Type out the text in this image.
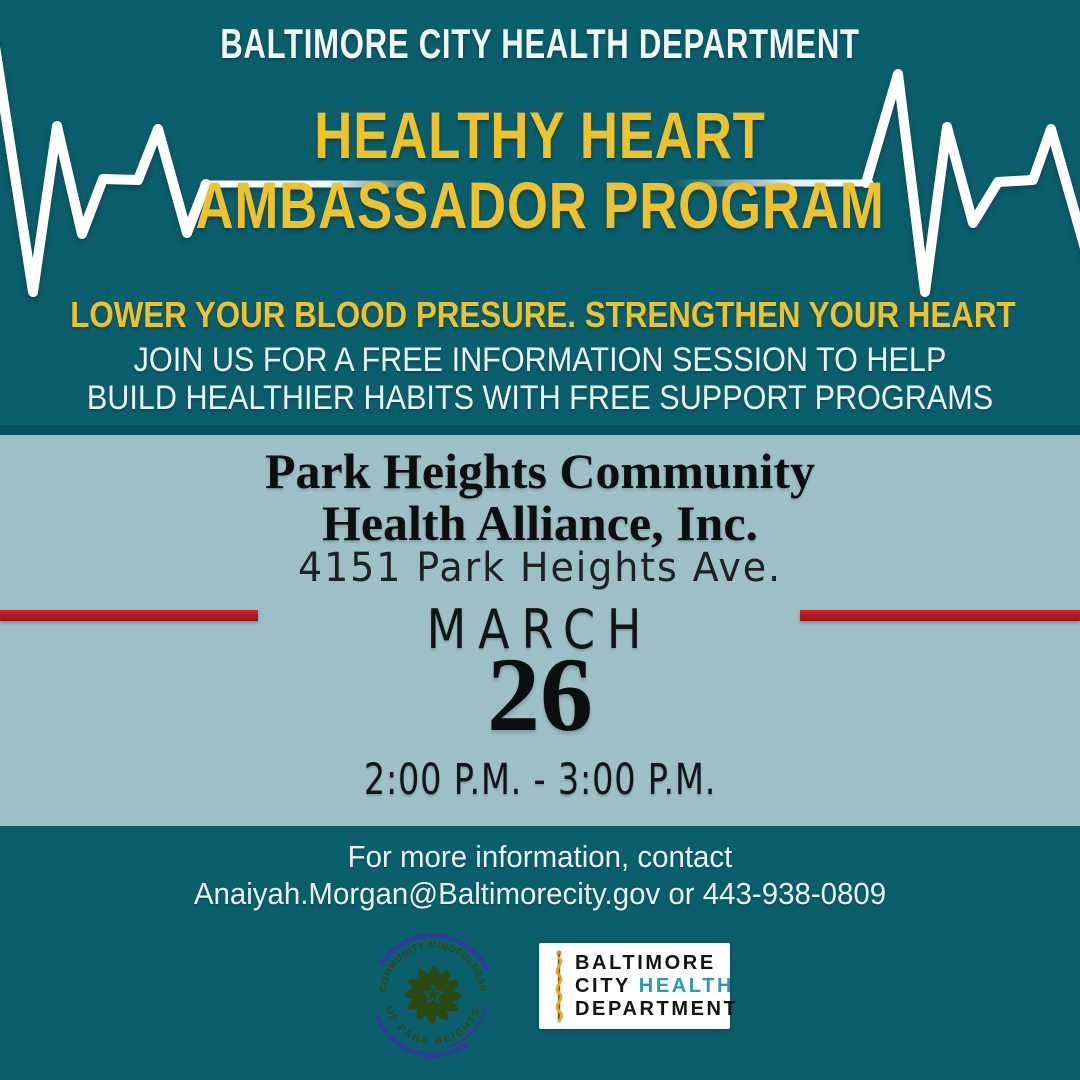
BALTIMORE CITY HEALTH DEPARTMENT
HEALTHY HEART
AMBASSADOR PROGRAM
LOWER YOUR BLOOD PRESURE. STRENGTHEN YOUR HEART
JOIN US FOR A FREE INFORMATION SESSION TO HELP
BUILD HEALTHIER HABITS WITH FREE SUPPORT PROGRAMS
Park Heights Community
Health Alliance, Inc.
4151 Park Heights Ave.
MARCH
26
2:00 P.M. - 3:00 P.M.
For more information, contact
Anaiyah.Morgan@Baltimorecity.gov or 443-938-0809
COMMUNITY MINDFULNESS
UP PARK HEIGHTS
BALTIMORE
CITY HEALTH
DEPARTMENT
